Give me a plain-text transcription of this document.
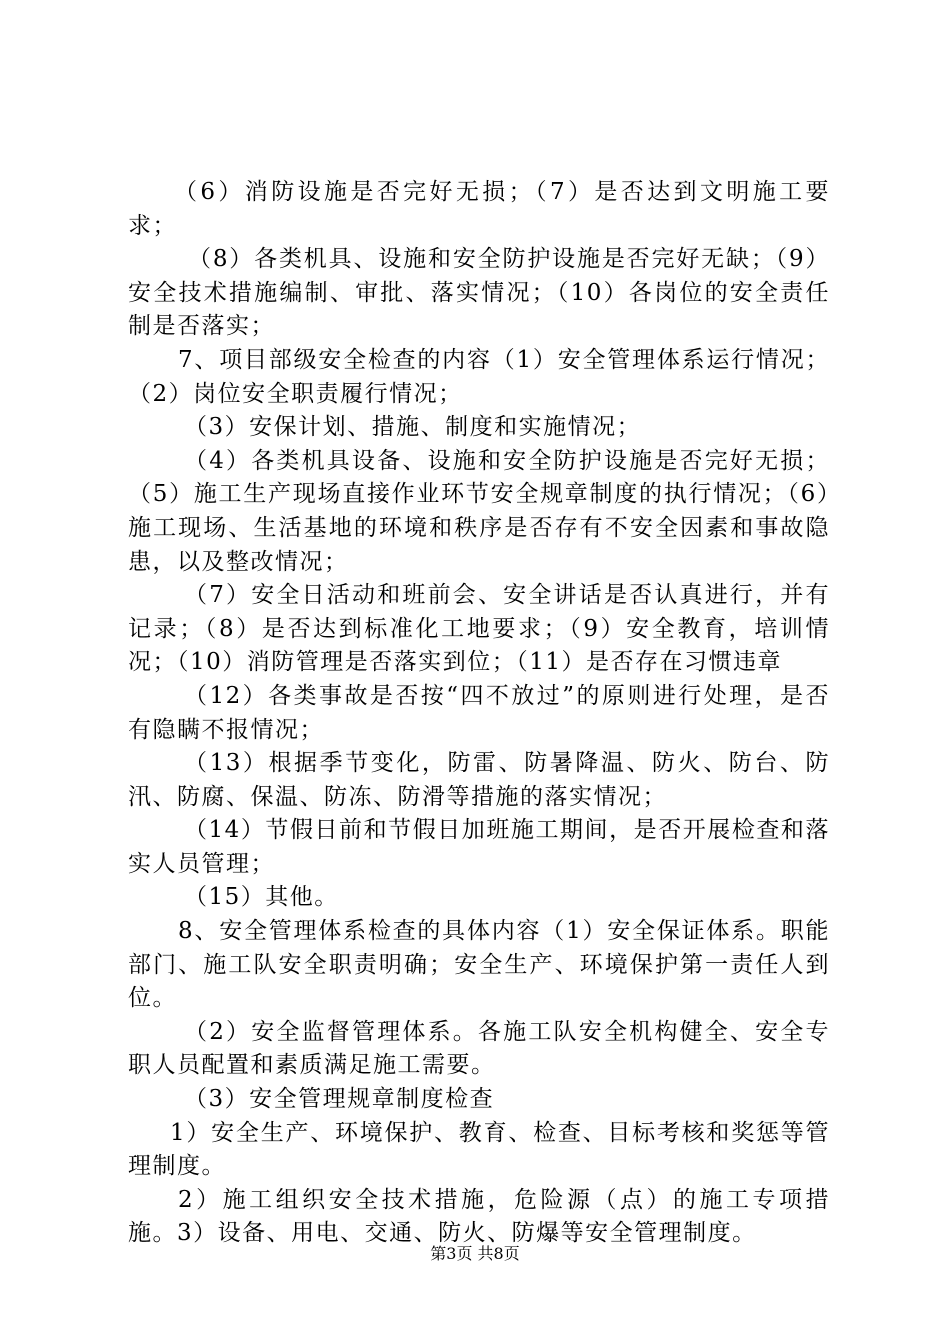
（6）消防设施是否完好无损；（7）是否达到文明施工要求；

（8）各类机具、设施和安全防护设施是否完好无缺；（9）安全技术措施编制、审批、落实情况；（10）各岗位的安全责任制是否落实；

7、项目部级安全检查的内容（1）安全管理体系运行情况；（2）岗位安全职责履行情况；

（3）安保计划、措施、制度和实施情况；

（4）各类机具设备、设施和安全防护设施是否完好无损；（5）施工生产现场直接作业环节安全规章制度的执行情况；（6）施工现场、生活基地的环境和秩序是否存有不安全因素和事故隐患，以及整改情况；

（7）安全日活动和班前会、安全讲话是否认真进行，并有记录；（8）是否达到标准化工地要求；（9）安全教育，培训情况；（10）消防管理是否落实到位；（11）是否存在习惯违章

（12）各类事故是否按“四不放过”的原则进行处理，是否有隐瞒不报情况；

（13）根据季节变化，防雷、防暑降温、防火、防台、防汛、防腐、保温、防冻、防滑等措施的落实情况；

（14）节假日前和节假日加班施工期间，是否开展检查和落实人员管理；

（15）其他。

8、安全管理体系检查的具体内容（1）安全保证体系。职能部门、施工队安全职责明确；安全生产、环境保护第一责任人到位。

（2）安全监督管理体系。各施工队安全机构健全、安全专职人员配置和素质满足施工需要。

（3）安全管理规章制度检查

1）安全生产、环境保护、教育、检查、目标考核和奖惩等管理制度。

2）施工组织安全技术措施，危险源（点）的施工专项措施。3）设备、用电、交通、防火、防爆等安全管理制度。

第3页 共8页
